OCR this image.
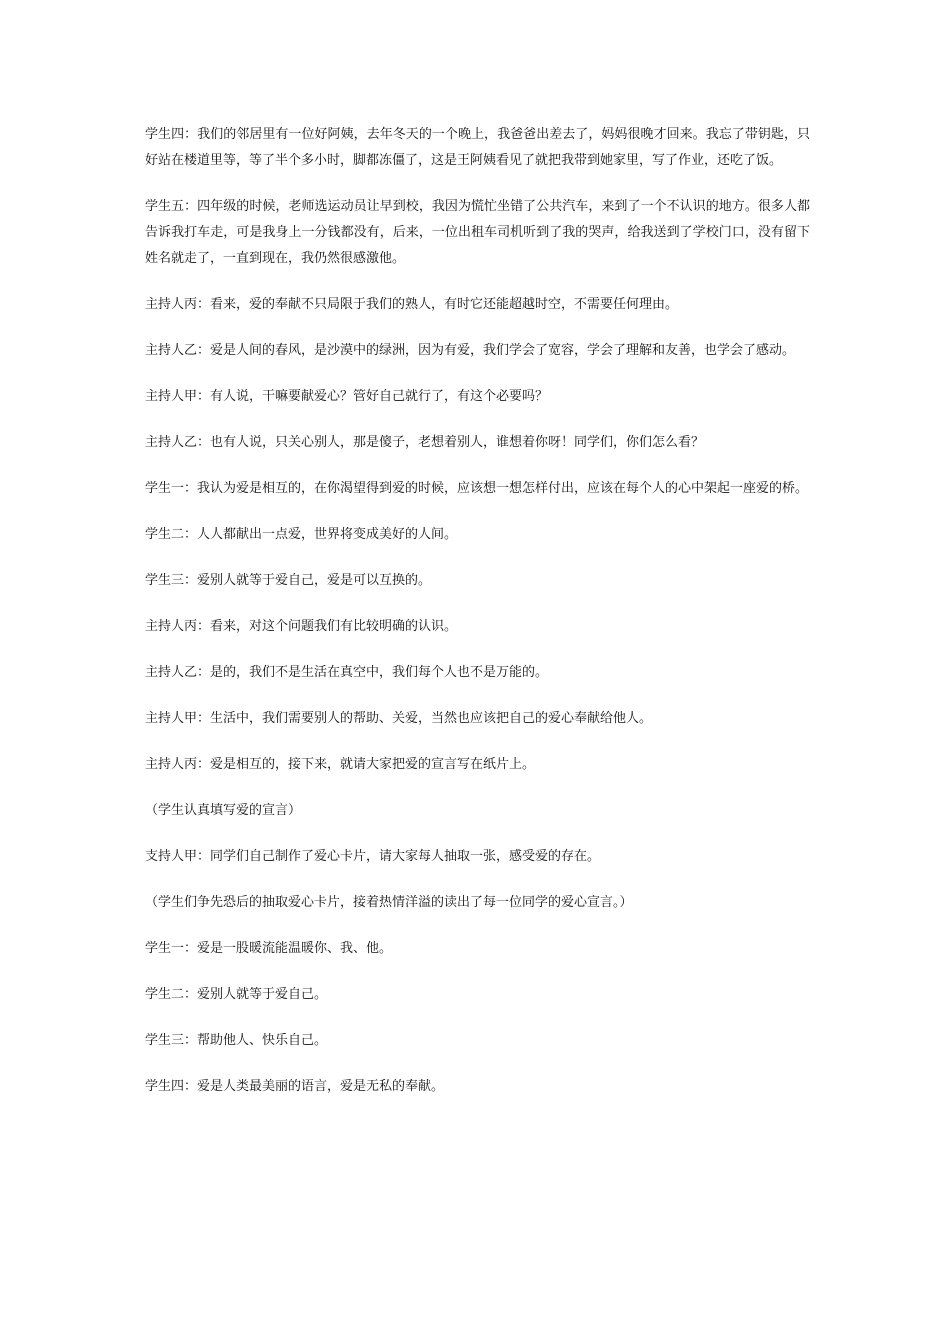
学生四：我们的邻居里有一位好阿姨，去年冬天的一个晚上，我爸爸出差去了，妈妈很晚才回来。我忘了带钥匙，只好站在楼道里等，等了半个多小时，脚都冻僵了，这是王阿姨看见了就把我带到她家里，写了作业，还吃了饭。

学生五：四年级的时候，老师选运动员让早到校，我因为慌忙坐错了公共汽车，来到了一个不认识的地方。很多人都告诉我打车走，可是我身上一分钱都没有，后来，一位出租车司机听到了我的哭声，给我送到了学校门口，没有留下姓名就走了，一直到现在，我仍然很感激他。

主持人丙：看来，爱的奉献不只局限于我们的熟人，有时它还能超越时空，不需要任何理由。

主持人乙：爱是人间的春风，是沙漠中的绿洲，因为有爱，我们学会了宽容，学会了理解和友善，也学会了感动。

主持人甲：有人说，干嘛要献爱心？管好自己就行了，有这个必要吗？

主持人乙：也有人说，只关心别人，那是傻子，老想着别人，谁想着你呀！同学们，你们怎么看？

学生一：我认为爱是相互的，在你渴望得到爱的时候，应该想一想怎样付出，应该在每个人的心中架起一座爱的桥。

学生二：人人都献出一点爱，世界将变成美好的人间。

学生三：爱别人就等于爱自己，爱是可以互换的。

主持人丙：看来，对这个问题我们有比较明确的认识。

主持人乙：是的，我们不是生活在真空中，我们每个人也不是万能的。

主持人甲：生活中，我们需要别人的帮助、关爱，当然也应该把自己的爱心奉献给他人。

主持人丙：爱是相互的，接下来，就请大家把爱的宣言写在纸片上。

（学生认真填写爱的宣言）

支持人甲：同学们自己制作了爱心卡片，请大家每人抽取一张，感受爱的存在。

（学生们争先恐后的抽取爱心卡片，接着热情洋溢的读出了每一位同学的爱心宣言。）

学生一：爱是一股暖流能温暖你、我、他。

学生二：爱别人就等于爱自己。

学生三：帮助他人、快乐自己。

学生四：爱是人类最美丽的语言，爱是无私的奉献。
